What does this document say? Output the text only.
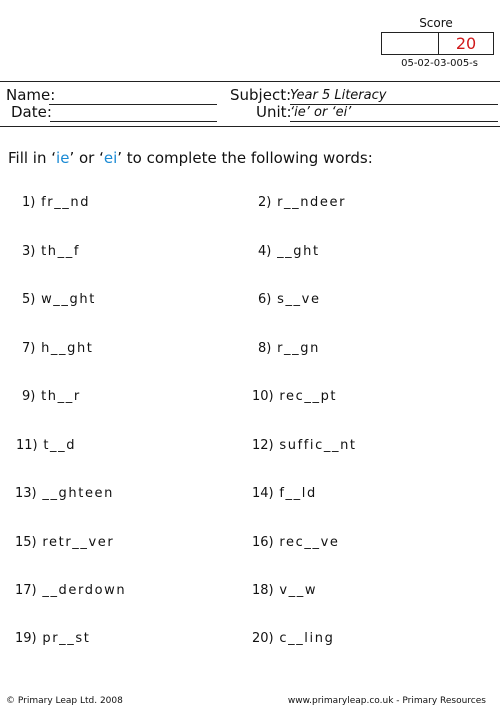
Score
20
05-02-03-005-s
Name:
Date:
Subject:
Year 5 Literacy
Unit:
‘ie’ or ‘ei’
Fill in ‘ie’ or ‘ei’ to complete the following words:
1) fr__nd	2) r__ndeer
3) th__f	4) __ght
5) w__ght	6) s__ve
7) h__ght	8) r__gn
9) th__r	10) rec__pt
11) t__d	12) suffic__nt
13) __ghteen	14) f__ld
15) retr__ver	16) rec__ve
17) __derdown	18) v__w
19) pr__st	20) c__ling
© Primary Leap Ltd. 2008	www.primaryleap.co.uk - Primary Resources
